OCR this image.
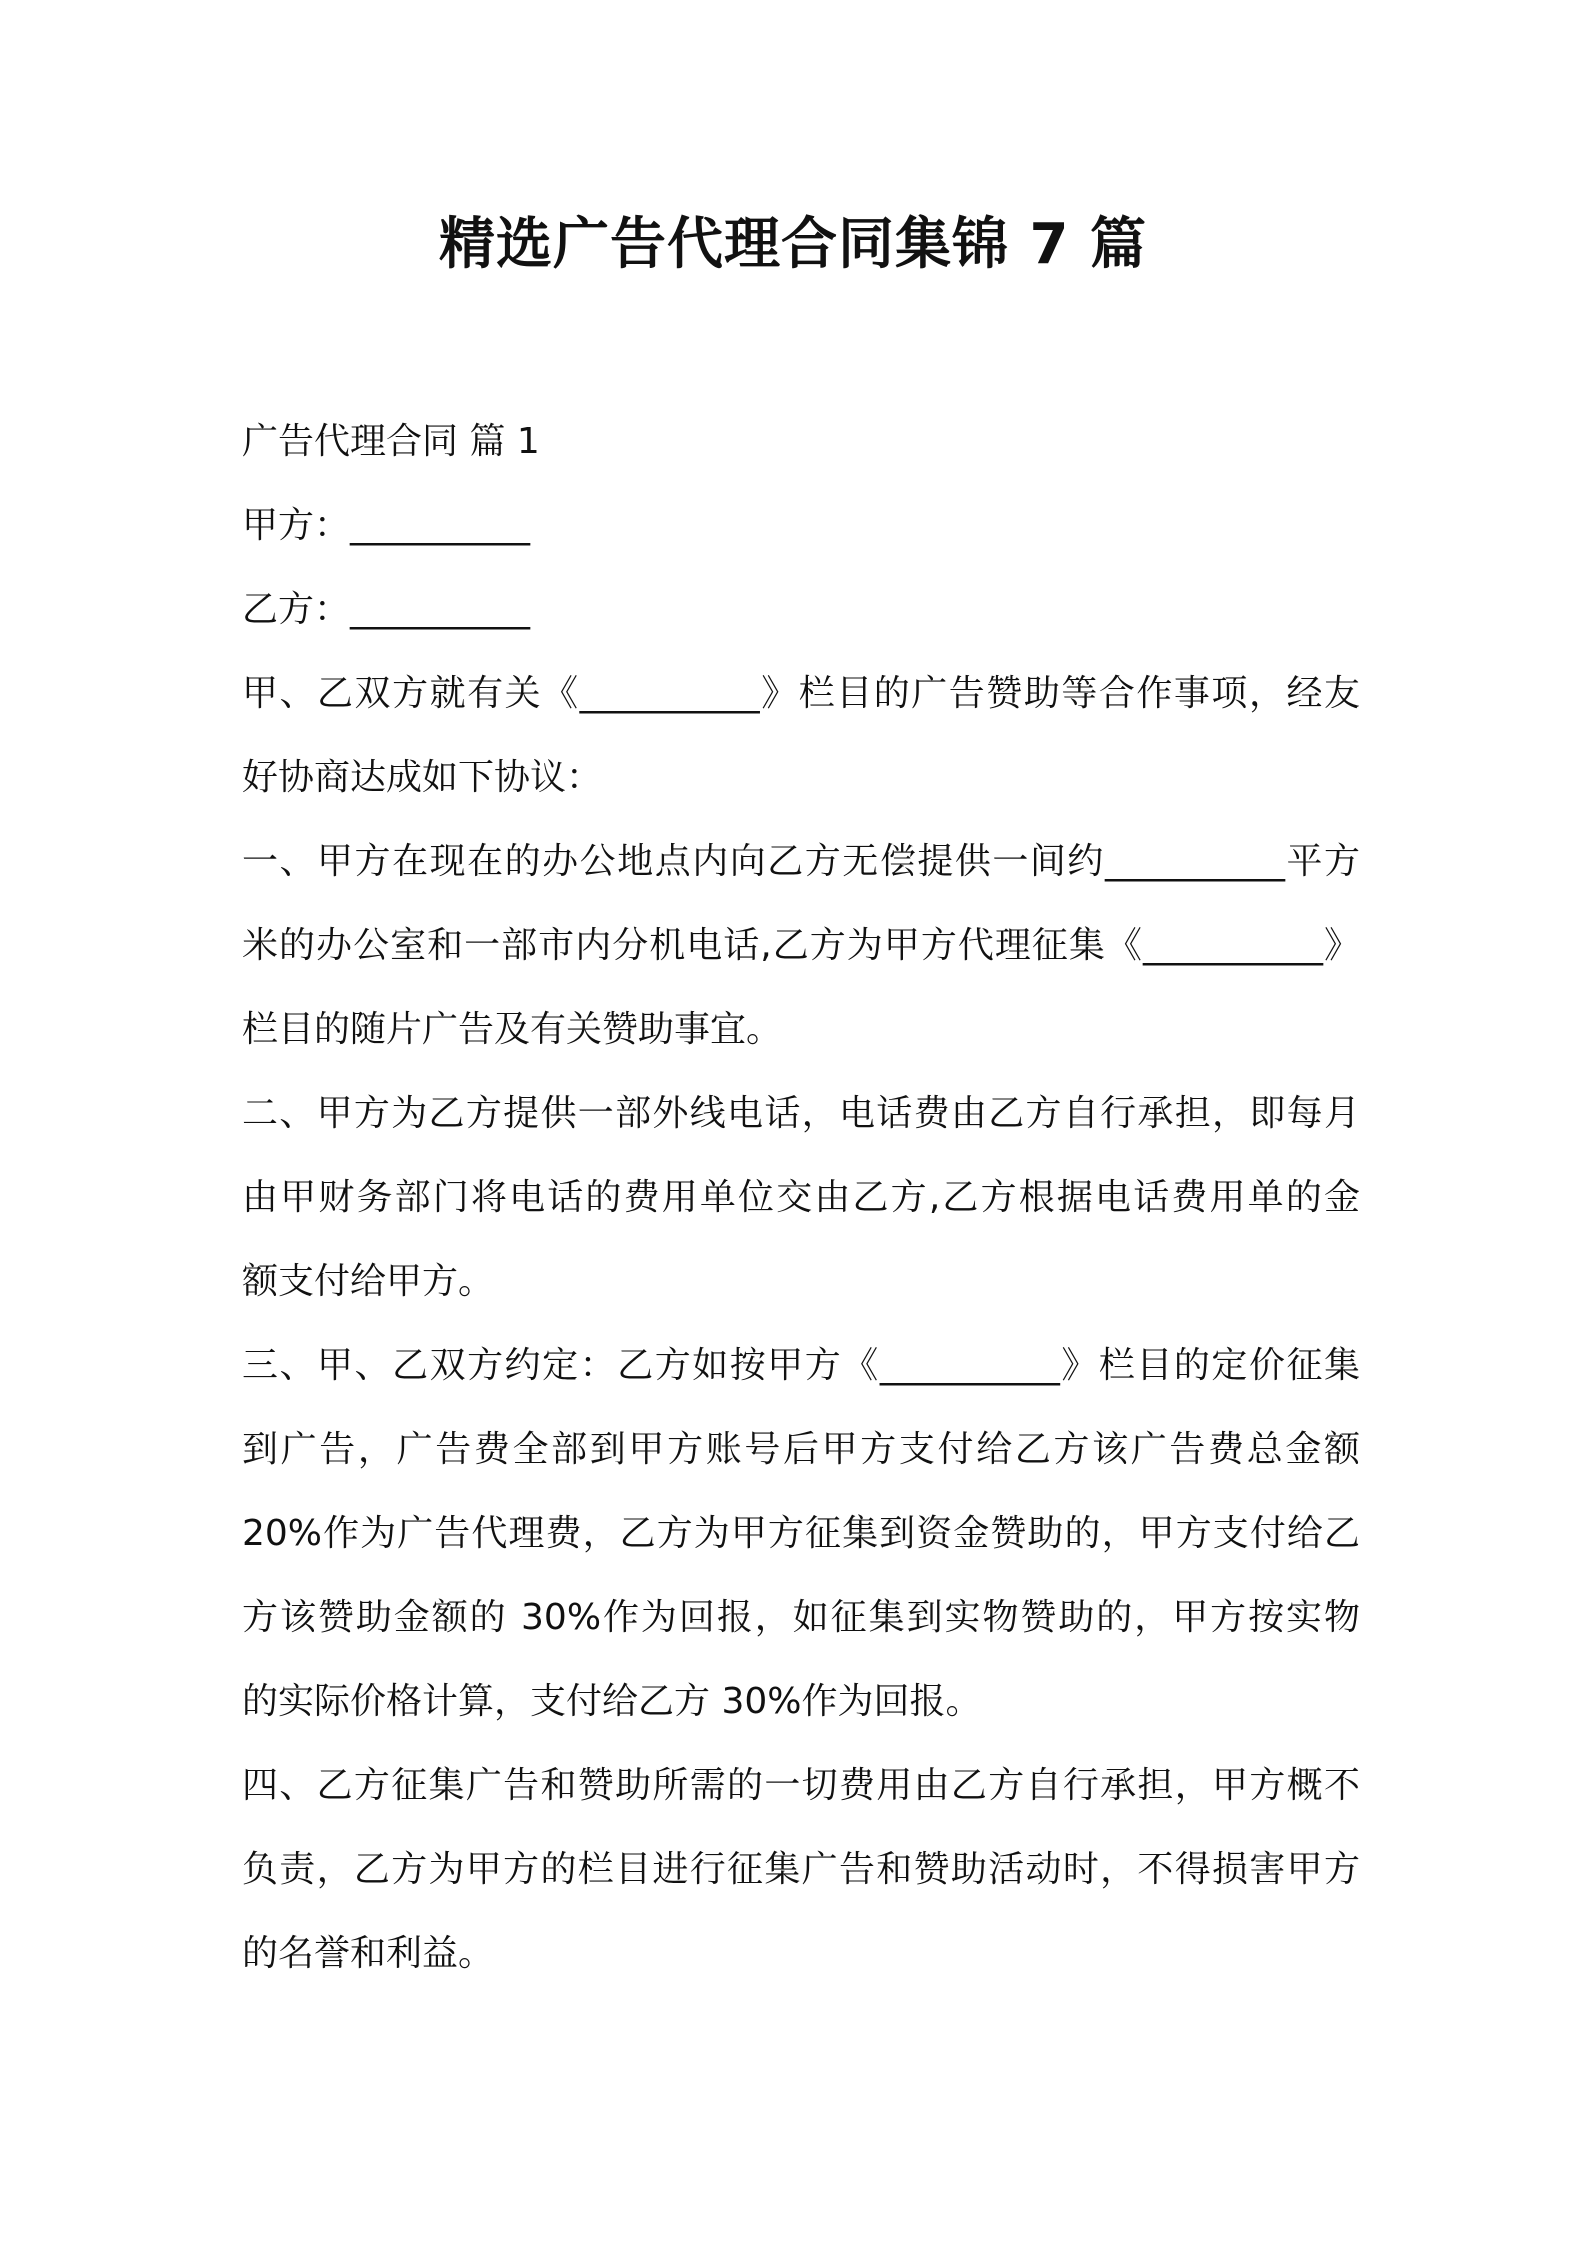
精选广告代理合同集锦 7 篇
广告代理合同 篇 1
甲方：__________
乙方：__________

甲、乙双方就有关《__________》栏目的广告赞助等合作事项，经友
好协商达成如下协议：

一、甲方在现在的办公地点内向乙方无偿提供一间约__________平方
米的办公室和一部市内分机电话,乙方为甲方代理征集《__________》
栏目的随片广告及有关赞助事宜。

二、甲方为乙方提供一部外线电话，电话费由乙方自行承担，即每月
由甲财务部门将电话的费用单位交由乙方,乙方根据电话费用单的金
额支付给甲方。

三、甲、乙双方约定：乙方如按甲方《__________》栏目的定价征集
到广告，广告费全部到甲方账号后甲方支付给乙方该广告费总金额
20%作为广告代理费，乙方为甲方征集到资金赞助的，甲方支付给乙
方该赞助金额的 30%作为回报，如征集到实物赞助的，甲方按实物
的实际价格计算，支付给乙方 30%作为回报。

四、乙方征集广告和赞助所需的一切费用由乙方自行承担，甲方概不
负责，乙方为甲方的栏目进行征集广告和赞助活动时，不得损害甲方
的名誉和利益。
